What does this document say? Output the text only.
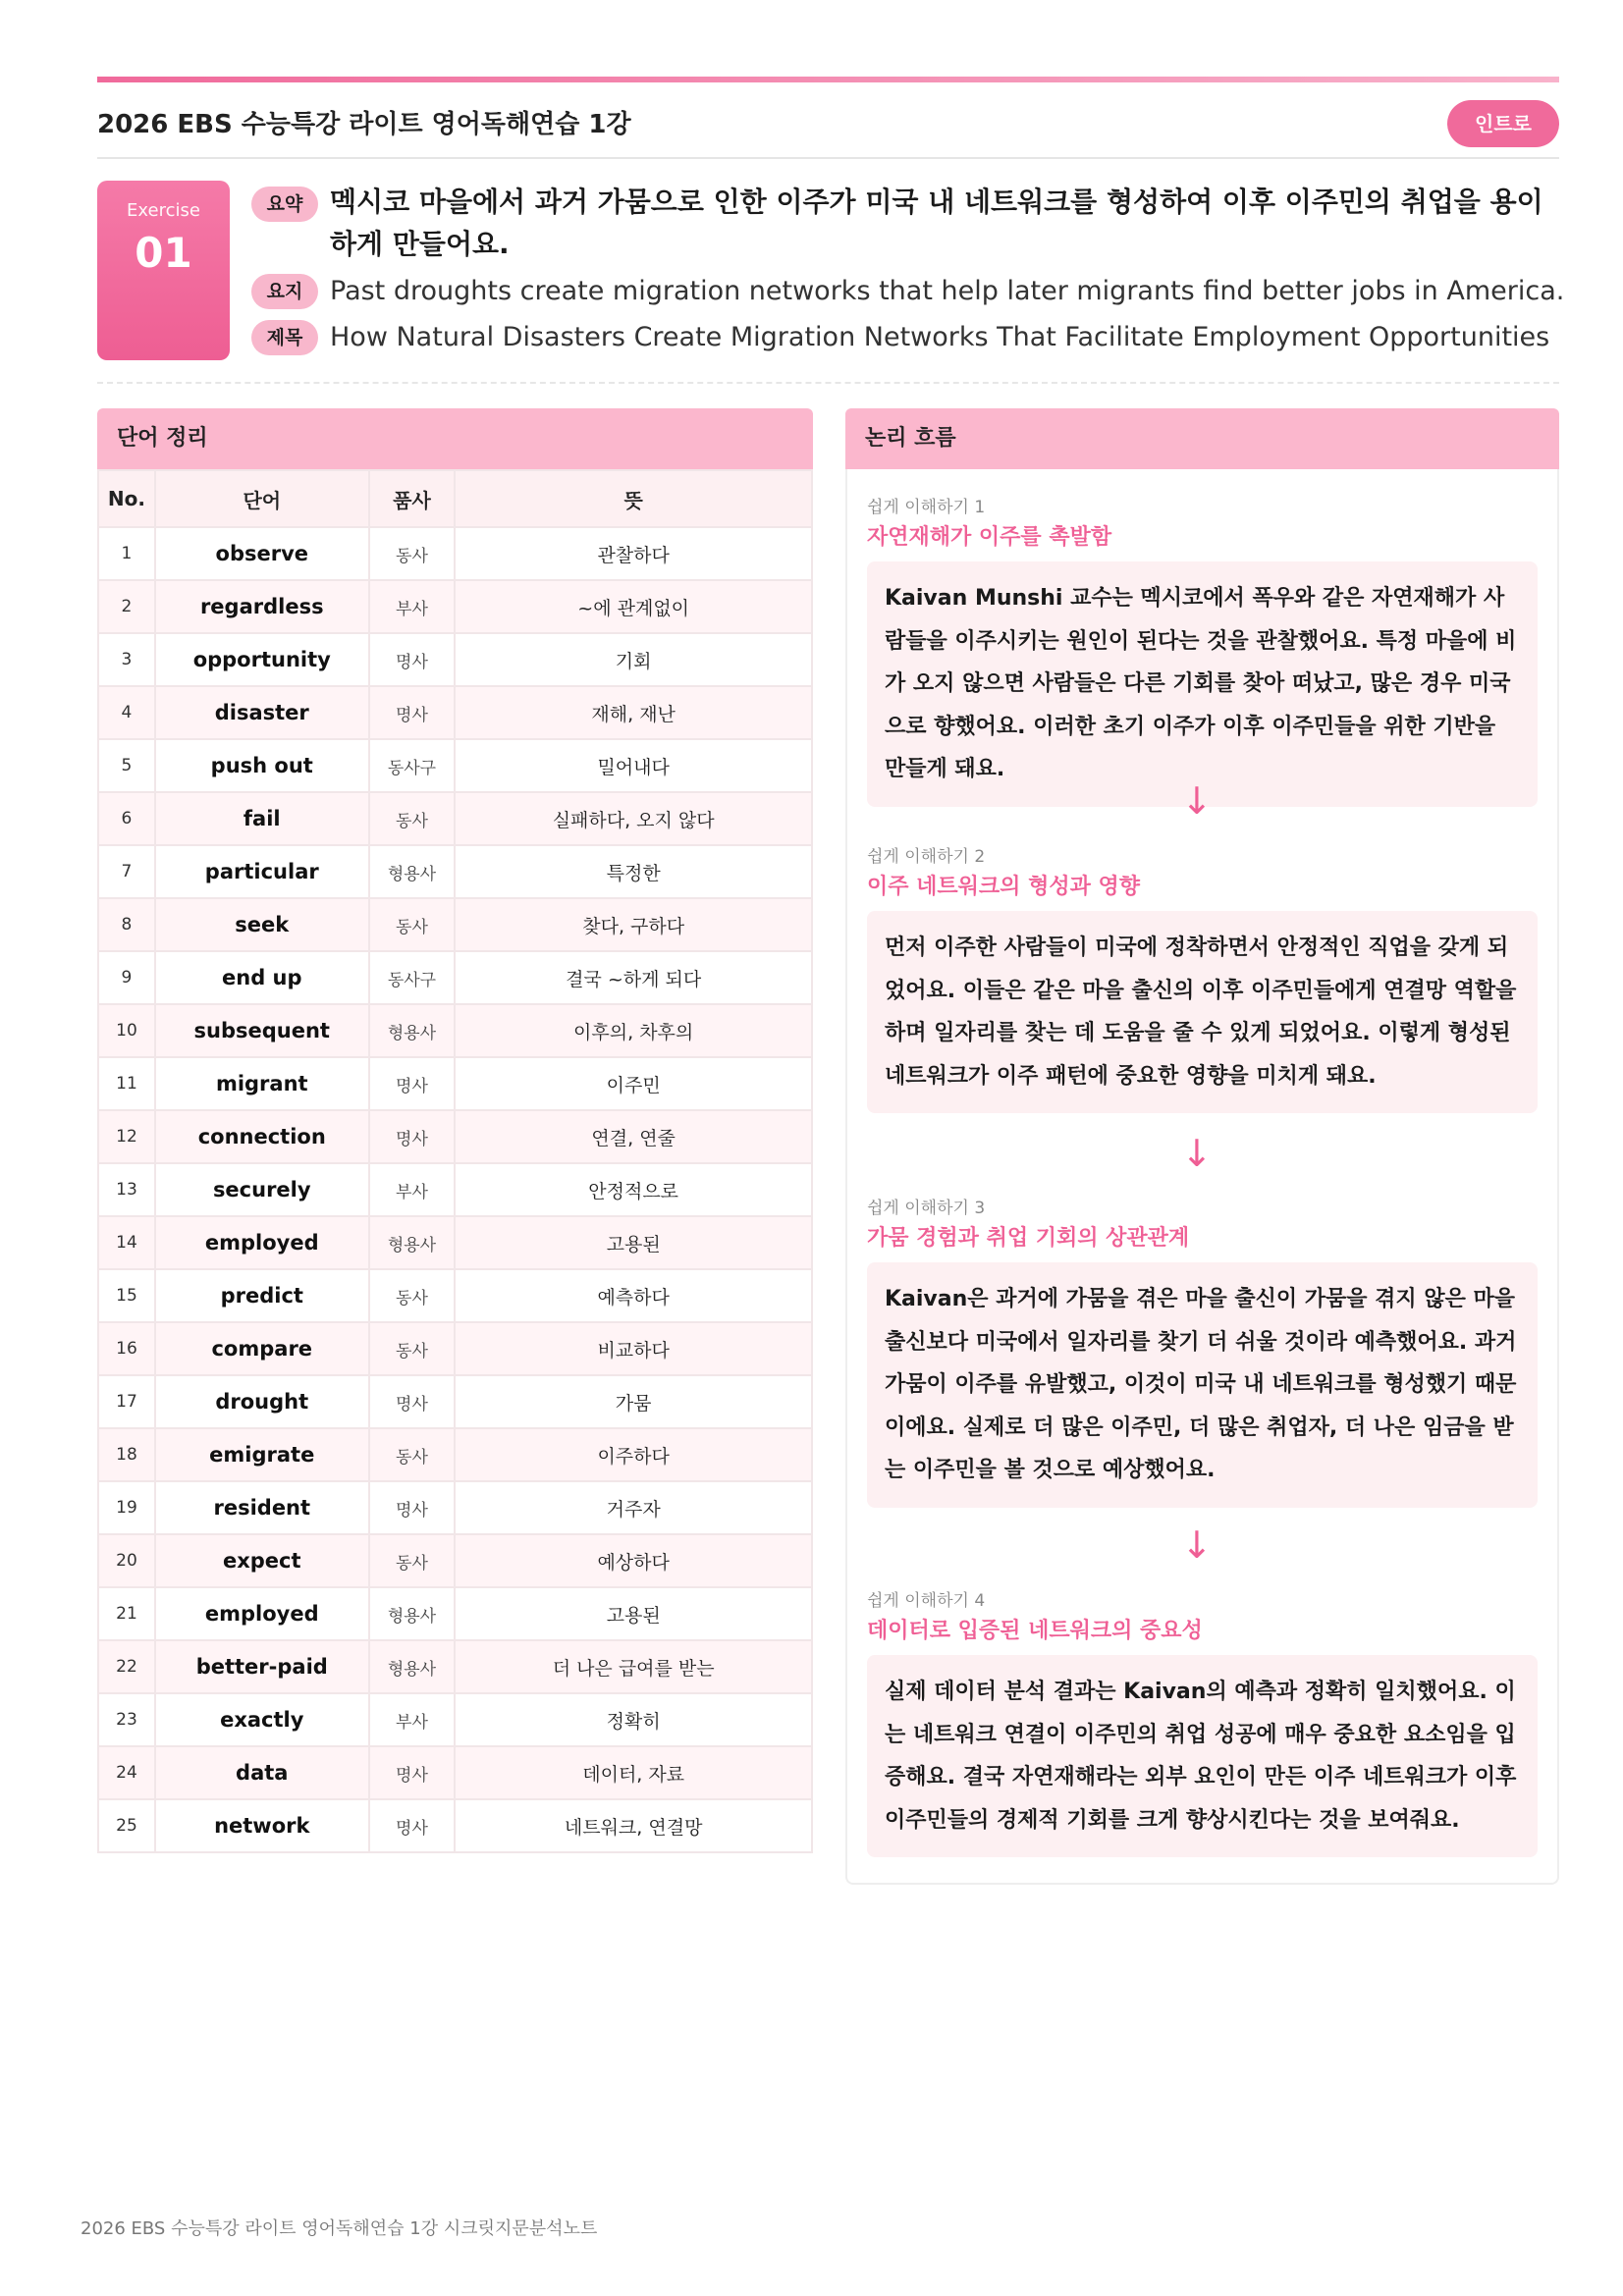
2026 EBS 수능특강 라이트 영어독해연습 1강	인트로
Exercise
01
요약 멕시코 마을에서 과거 가뭄으로 인한 이주가 미국 내 네트워크를 형성하여 이후 이주민의 취업을 용이하게 만들어요.
요지	Past droughts create migration networks that help later migrants find better jobs in America.
제목	How Natural Disasters Create Migration Networks That Facilitate Employment Opportunities
단어 정리
No.	단어	품사	뜻
1	observe	동사	관찰하다
2	regardless	부사	~에 관계없이
3	opportunity	명사	기회
4	disaster	명사	재해, 재난
5	push out	동사구	밀어내다
6	fail	동사	실패하다, 오지 않다
7	particular	형용사	특정한
8	seek	동사	찾다, 구하다
9	end up	동사구	결국 ~하게 되다
10	subsequent	형용사	이후의, 차후의
11	migrant	명사	이주민
12	connection	명사	연결, 연줄
13	securely	부사	안정적으로
14	employed	형용사	고용된
15	predict	동사	예측하다
16	compare	동사	비교하다
17	drought	명사	가뭄
18	emigrate	동사	이주하다
19	resident	명사	거주자
20	expect	동사	예상하다
21	employed	형용사	고용된
22	better-paid	형용사	더 나은 급여를 받는
23	exactly	부사	정확히
24	data	명사	데이터, 자료
25	network	명사	네트워크, 연결망
논리 흐름
쉽게 이해하기 1
자연재해가 이주를 촉발함
Kaivan Munshi 교수는 멕시코에서 폭우와 같은 자연재해가 사람들을 이주시키는 원인이 된다는 것을 관찰했어요. 특정 마을에 비가 오지 않으면 사람들은 다른 기회를 찾아 떠났고, 많은 경우 미국으로 향했어요. 이러한 초기 이주가 이후 이주민들을 위한 기반을 만들게 돼요.
↓
쉽게 이해하기 2
이주 네트워크의 형성과 영향
먼저 이주한 사람들이 미국에 정착하면서 안정적인 직업을 갖게 되었어요. 이들은 같은 마을 출신의 이후 이주민들에게 연결망 역할을 하며 일자리를 찾는 데 도움을 줄 수 있게 되었어요. 이렇게 형성된 네트워크가 이주 패턴에 중요한 영향을 미치게 돼요.
↓
쉽게 이해하기 3
가뭄 경험과 취업 기회의 상관관계
Kaivan은 과거에 가뭄을 겪은 마을 출신이 가뭄을 겪지 않은 마을 출신보다 미국에서 일자리를 찾기 더 쉬울 것이라 예측했어요. 과거 가뭄이 이주를 유발했고, 이것이 미국 내 네트워크를 형성했기 때문이에요. 실제로 더 많은 이주민, 더 많은 취업자, 더 나은 임금을 받는 이주민을 볼 것으로 예상했어요.
↓
쉽게 이해하기 4
데이터로 입증된 네트워크의 중요성
실제 데이터 분석 결과는 Kaivan의 예측과 정확히 일치했어요. 이는 네트워크 연결이 이주민의 취업 성공에 매우 중요한 요소임을 입증해요. 결국 자연재해라는 외부 요인이 만든 이주 네트워크가 이후 이주민들의 경제적 기회를 크게 향상시킨다는 것을 보여줘요.
2026 EBS 수능특강 라이트 영어독해연습 1강 시크릿지문분석노트
